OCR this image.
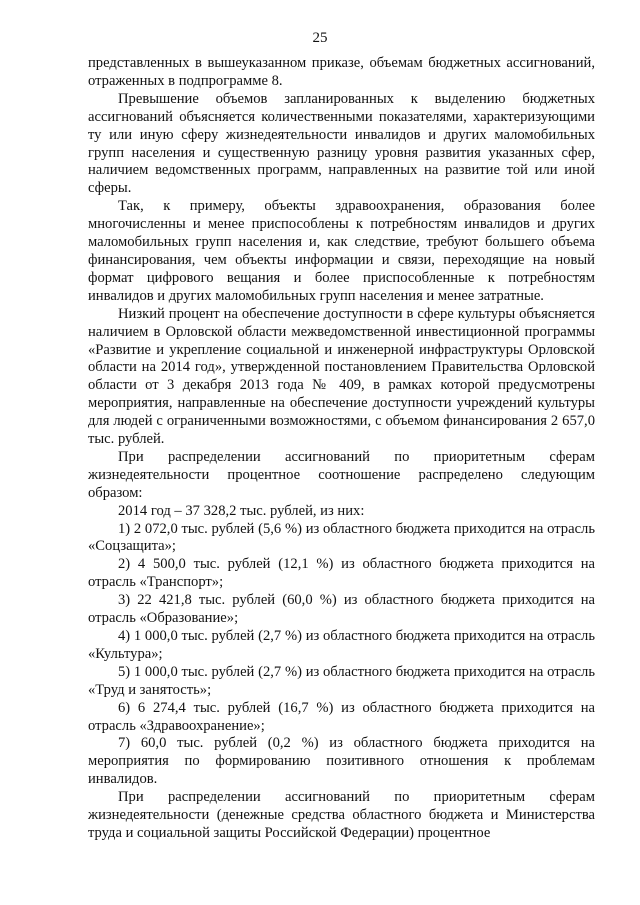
25

представленных в вышеуказанном приказе, объемам бюджетных ассигнований, отраженных в подпрограмме 8.

Превышение объемов запланированных к выделению бюджетных ассигнований объясняется количественными показателями, характеризующими ту или иную сферу жизнедеятельности инвалидов и других маломобильных групп населения и существенную разницу уровня развития указанных сфер, наличием ведомственных программ, направленных на развитие той или иной сферы.

Так, к примеру, объекты здравоохранения, образования более многочисленны и менее приспособлены к потребностям инвалидов и других маломобильных групп населения и, как следствие, требуют большего объема финансирования, чем объекты информации и связи, переходящие на новый формат цифрового вещания и более приспособленные к потребностям инвалидов и других маломобильных групп населения и менее затратные.

Низкий процент на обеспечение доступности в сфере культуры объясняется наличием в Орловской области межведомственной инвестиционной программы «Развитие и укрепление социальной и инженерной инфраструктуры Орловской области на 2014 год», утвержденной постановлением Правительства Орловской области от 3 декабря 2013 года № 409, в рамках которой предусмотрены мероприятия, направленные на обеспечение доступности учреждений культуры для людей с ограниченными возможностями, с объемом финансирования 2 657,0 тыс. рублей.

При распределении ассигнований по приоритетным сферам жизнедеятельности процентное соотношение распределено следующим образом:

2014 год – 37 328,2 тыс. рублей, из них:

1) 2 072,0 тыс. рублей (5,6 %) из областного бюджета приходится на отрасль «Соцзащита»;

2) 4 500,0 тыс. рублей (12,1 %) из областного бюджета приходится на отрасль «Транспорт»;

3) 22 421,8 тыс. рублей (60,0 %) из областного бюджета приходится на отрасль «Образование»;

4) 1 000,0 тыс. рублей (2,7 %) из областного бюджета приходится на отрасль «Культура»;

5) 1 000,0 тыс. рублей (2,7 %) из областного бюджета приходится на отрасль «Труд и занятость»;

6) 6 274,4 тыс. рублей (16,7 %) из областного бюджета приходится на отрасль «Здравоохранение»;

7) 60,0 тыс. рублей (0,2 %) из областного бюджета приходится на мероприятия по формированию позитивного отношения к проблемам инвалидов.

При распределении ассигнований по приоритетным сферам жизнедеятельности (денежные средства областного бюджета и Министерства труда и социальной защиты Российской Федерации) процентное
